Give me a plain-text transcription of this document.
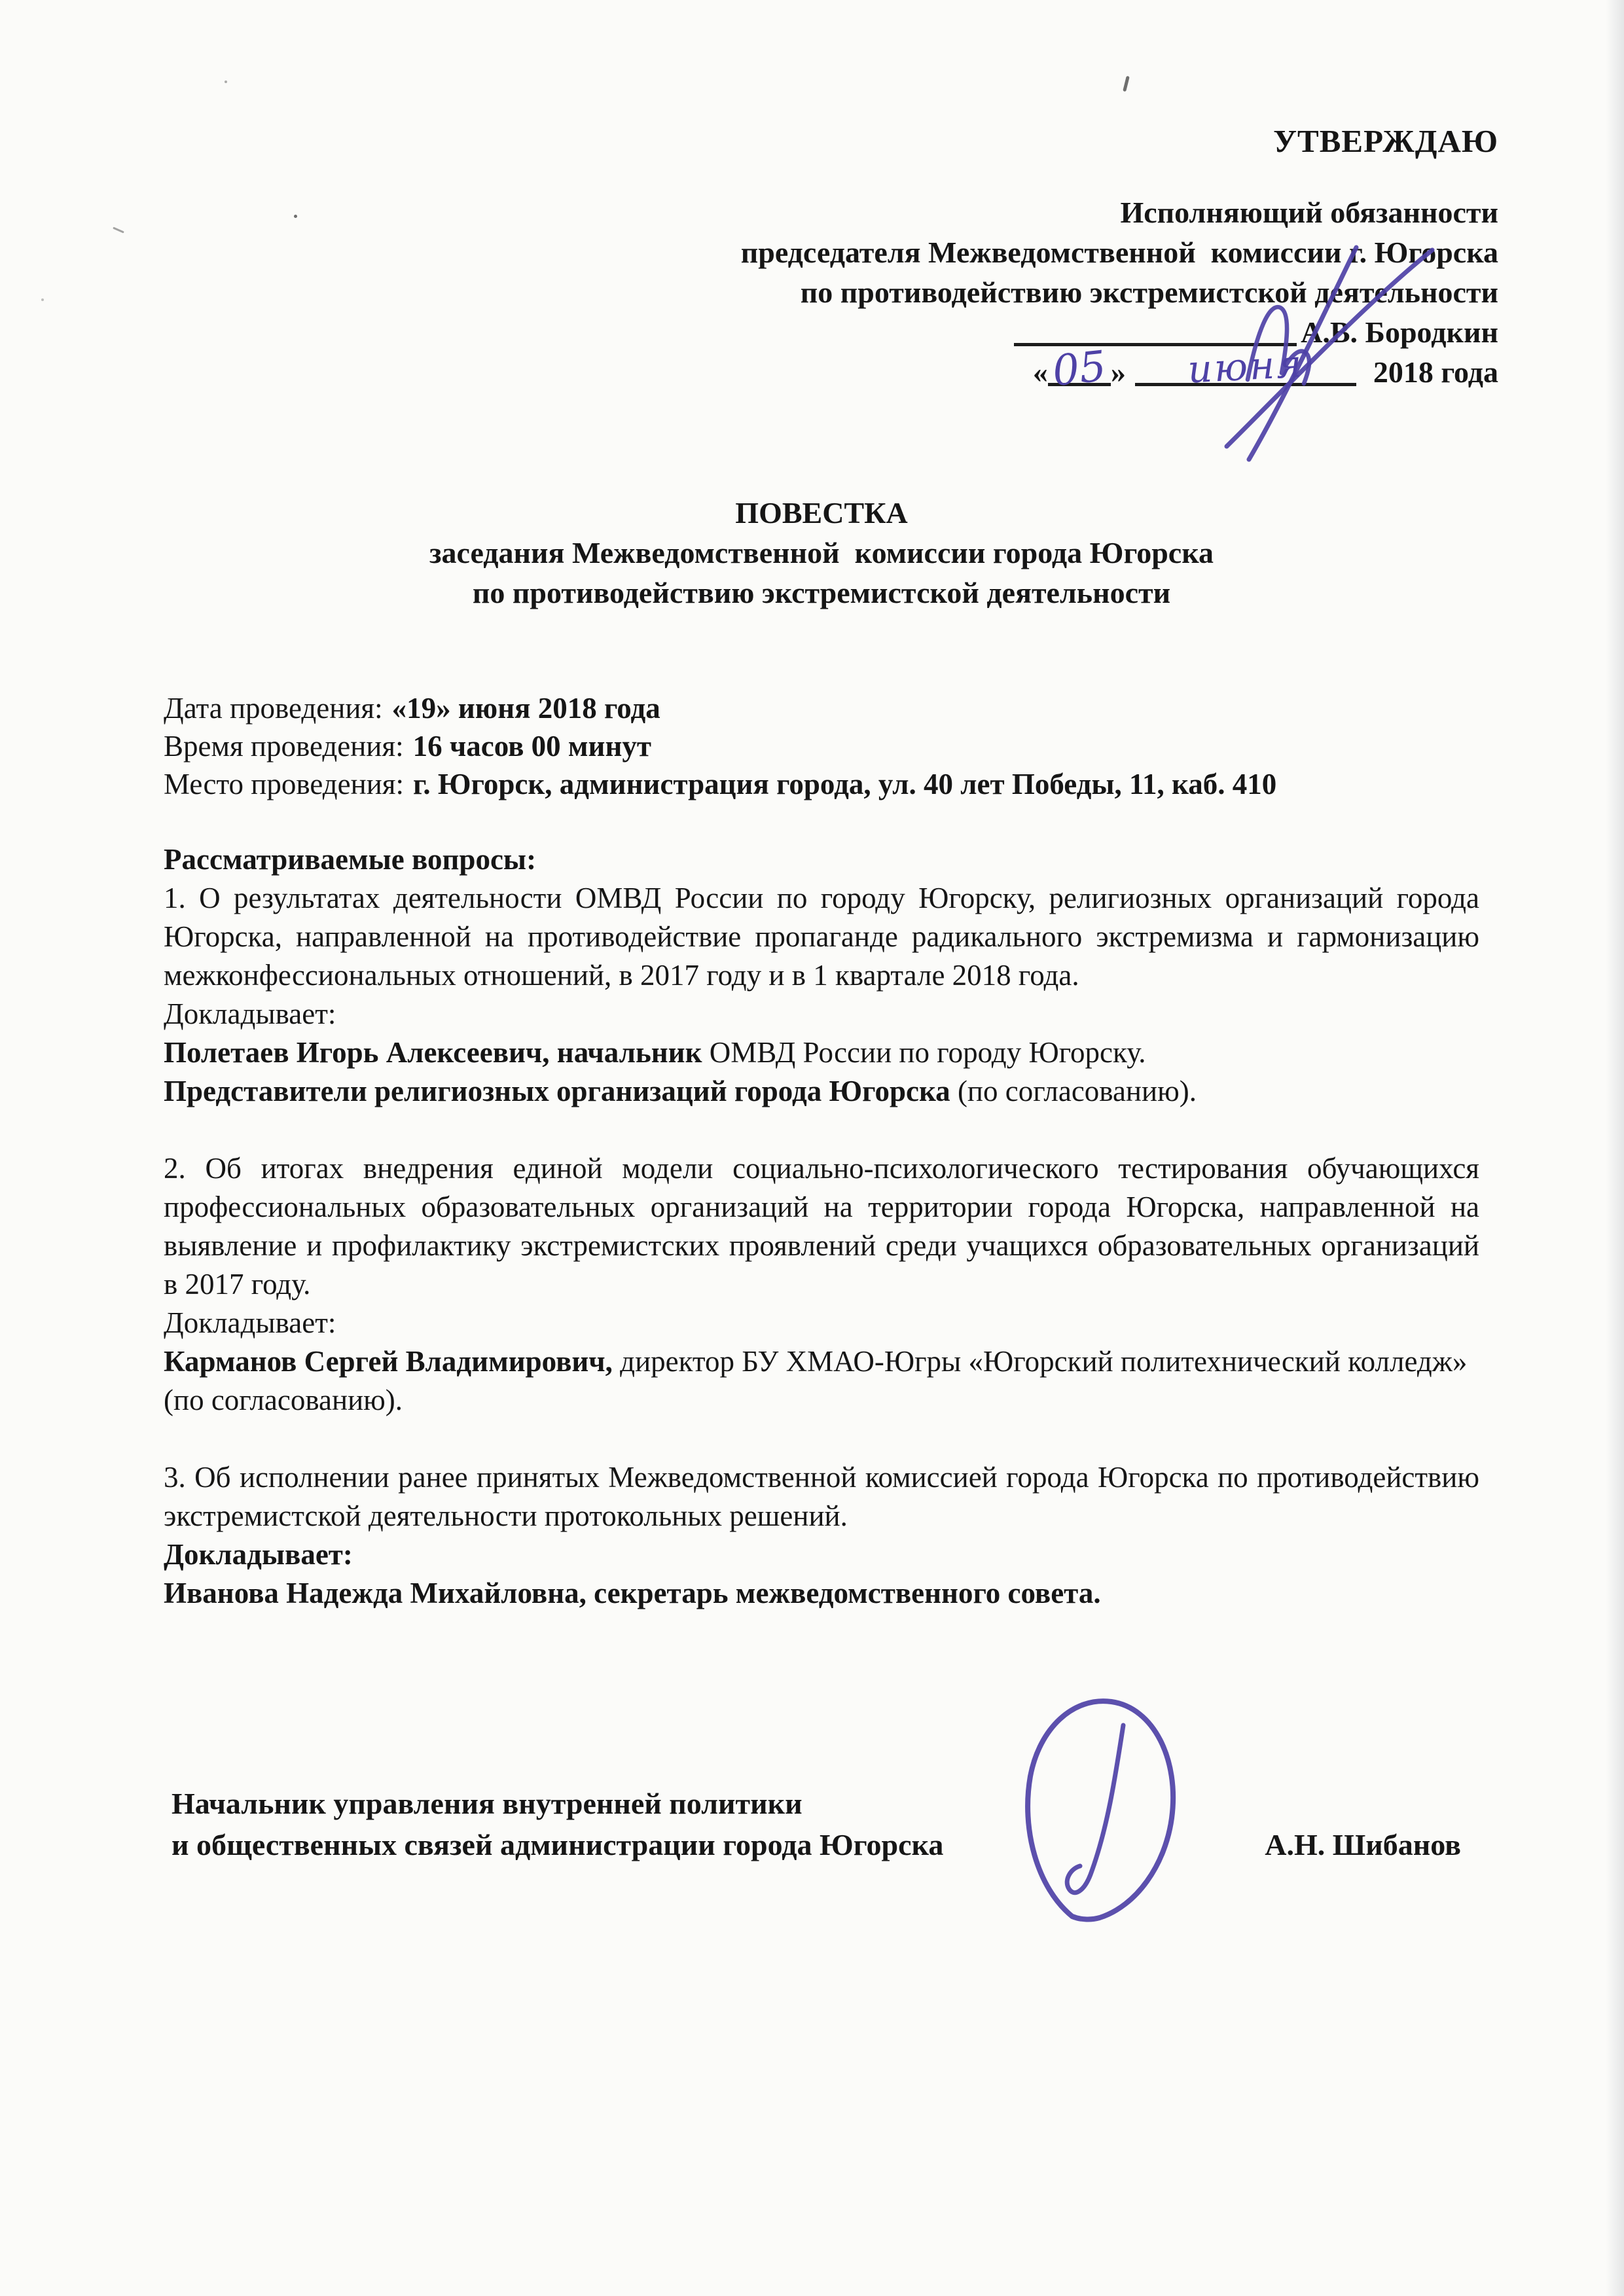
УТВЕРЖДАЮ
Исполняющий обязанности
председателя Межведомственной  комиссии г. Югорска
по противодействию экстремистской деятельности
А.В. Бородкин
« 05 »	июня	2018 года
ПОВЕСТКА
заседания Межведомственной  комиссии города Югорска
по противодействию экстремистской деятельности
Дата проведения: «19» июня 2018 года
Время проведения: 16 часов 00 минут
Место проведения: г. Югорск, администрация города, ул. 40 лет Победы, 11, каб. 410

Рассматриваемые вопросы:

1. О результатах деятельности ОМВД России по городу Югорску, религиозных организаций города Югорска, направленной на противодействие пропаганде радикального экстремизма и гармонизацию межконфессиональных отношений, в 2017 году и в 1 квартале 2018 года.

Докладывает:

Полетаев Игорь Алексеевич, начальник ОМВД России по городу Югорску.

Представители религиозных организаций города Югорска (по согласованию).

2. Об итогах внедрения единой модели социально-психологического тестирования обучающихся профессиональных образовательных организаций на территории города Югорска, направленной на выявление и профилактику экстремистских проявлений среди учащихся образовательных организаций в 2017 году.

Докладывает:

Карманов Сергей Владимирович, директор БУ ХМАО-Югры «Югорский политехнический колледж» (по согласованию).

3. Об исполнении ранее принятых Межведомственной комиссией города Югорска по противодействию экстремистской деятельности протокольных решений.

Докладывает:

Иванова Надежда Михайловна, секретарь межведомственного совета.

Начальник управления внутренней политики
и общественных связей администрации города Югорска	А.Н. Шибанов
